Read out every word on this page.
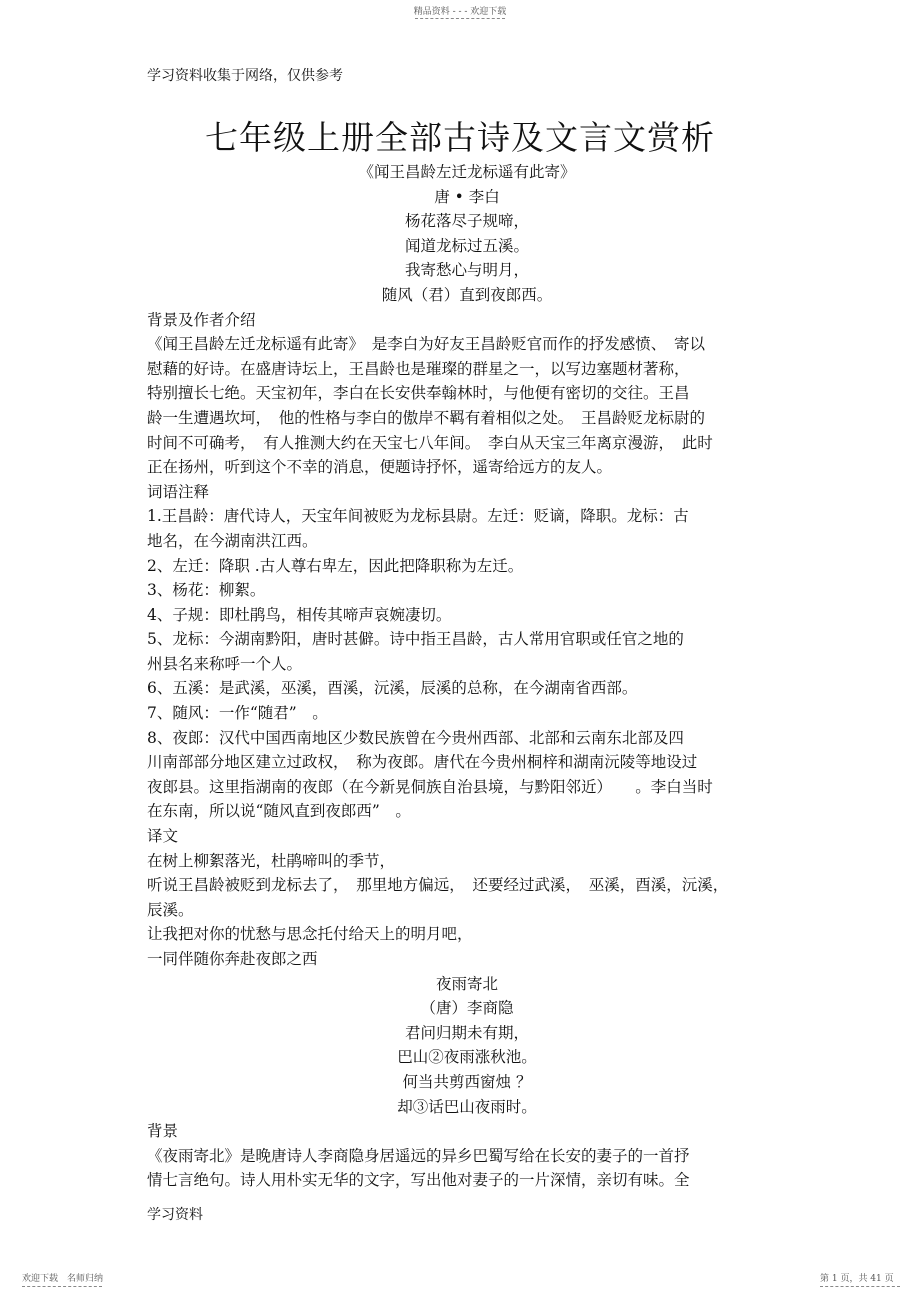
精品资料 - - - 欢迎下载
学习资料收集于网络，仅供参考
七年级上册全部古诗及文言文赏析

《闻王昌龄左迁龙标遥有此寄》

唐 • 李白

杨花落尽子规啼，

闻道龙标过五溪。

我寄愁心与明月，

随风（君）直到夜郎西。

背景及作者介绍

《闻王昌龄左迁龙标遥有此寄》　是李白为好友王昌龄贬官而作的抒发感愤、　寄以

慰藉的好诗。在盛唐诗坛上，王昌龄也是璀璨的群星之一，以写边塞题材著称，

特别擅长七绝。天宝初年，李白在长安供奉翰林时，与他便有密切的交往。王昌

龄一生遭遇坎坷，　他的性格与李白的傲岸不羁有着相似之处。　王昌龄贬龙标尉的

时间不可确考，　有人推测大约在天宝七八年间。　李白从天宝三年离京漫游，　此时

正在扬州，听到这个不幸的消息，便题诗抒怀，遥寄给远方的友人。

词语注释

1.王昌龄：唐代诗人，天宝年间被贬为龙标县尉。左迁：贬谪，降职。龙标：古

地名，在今湖南洪江西。

2、左迁：降职 .古人尊右卑左，因此把降职称为左迁。

3、杨花：柳絮。

4、子规：即杜鹃鸟，相传其啼声哀婉凄切。

5、龙标：今湖南黔阳，唐时甚僻。诗中指王昌龄，古人常用官职或任官之地的

州县名来称呼一个人。

6、五溪：是武溪，巫溪，酉溪，沅溪，辰溪的总称，在今湖南省西部。

7、随风：一作“随君”　。

8、夜郎：汉代中国西南地区少数民族曾在今贵州西部、北部和云南东北部及四

川南部部分地区建立过政权，　称为夜郎。唐代在今贵州桐梓和湖南沅陵等地设过

夜郎县。这里指湖南的夜郎（在今新晃侗族自治县境，与黔阳邻近）　　。李白当时

在东南，所以说“随风直到夜郎西”　。

译文

在树上柳絮落光，杜鹃啼叫的季节，

听说王昌龄被贬到龙标去了，　那里地方偏远，　还要经过武溪，　巫溪，酉溪，沅溪，

辰溪。

让我把对你的忧愁与思念托付给天上的明月吧，

一同伴随你奔赴夜郎之西

夜雨寄北

（唐）李商隐

君问归期未有期，

巴山②夜雨涨秋池。

何当共剪西窗烛 ？

却③话巴山夜雨时。

背景

《夜雨寄北》是晚唐诗人李商隐身居遥远的异乡巴蜀写给在长安的妻子的一首抒

情七言绝句。诗人用朴实无华的文字，写出他对妻子的一片深情，亲切有味。全

学习资料
欢迎下载　名师归纳	第 1 页，共 41 页
